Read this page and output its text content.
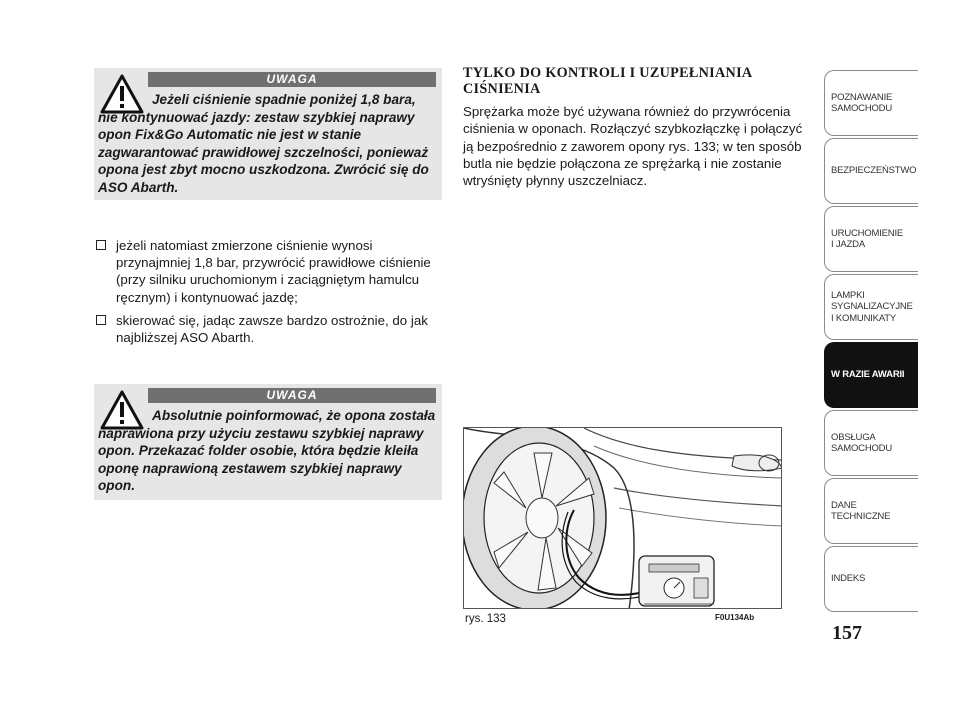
UWAGA
Jeżeli ciśnienie spadnie poniżej 1,8 bara, nie kontynuować jazdy: zestaw szybkiej naprawy opon Fix&Go Automatic nie jest w stanie zagwarantować prawidłowej szczelności, ponieważ opona jest zbyt mocno uszkodzona. Zwrócić się do ASO Abarth.
jeżeli natomiast zmierzone ciśnienie wynosi przynajmniej 1,8 bar, przywrócić prawidłowe ciśnienie (przy silniku uruchomionym i zaciągniętym hamulcu ręcznym) i kontynuować jazdę;
skierować się, jadąc zawsze bardzo ostrożnie, do jak najbliższej ASO Abarth.
UWAGA
Absolutnie poinformować, że opona została naprawiona przy użyciu zestawu szybkiej naprawy opon. Przekazać folder osobie, która będzie kleiła oponę naprawioną zestawem szybkiej naprawy opon.
TYLKO DO KONTROLI I UZUPEŁNIANIA
CIŚNIENIA
Sprężarka może być używana również do przywrócenia ciśnienia w oponach. Rozłączyć szybkozłączkę i połączyć ją bezpośrednio z zaworem opony rys. 133; w ten sposób butla nie będzie połączona ze sprężarką i nie zostanie wtryśnięty płynny uszczelniacz.
rys. 133	F0U134Ab
POZNAWANIE
SAMOCHODU
BEZPIECZEŃSTWO
URUCHOMIENIE
I JAZDA
LAMPKI
SYGNALIZACYJNE
I KOMUNIKATY
W RAZIE AWARII
OBSŁUGA
SAMOCHODU
DANE
TECHNICZNE
INDEKS
157
